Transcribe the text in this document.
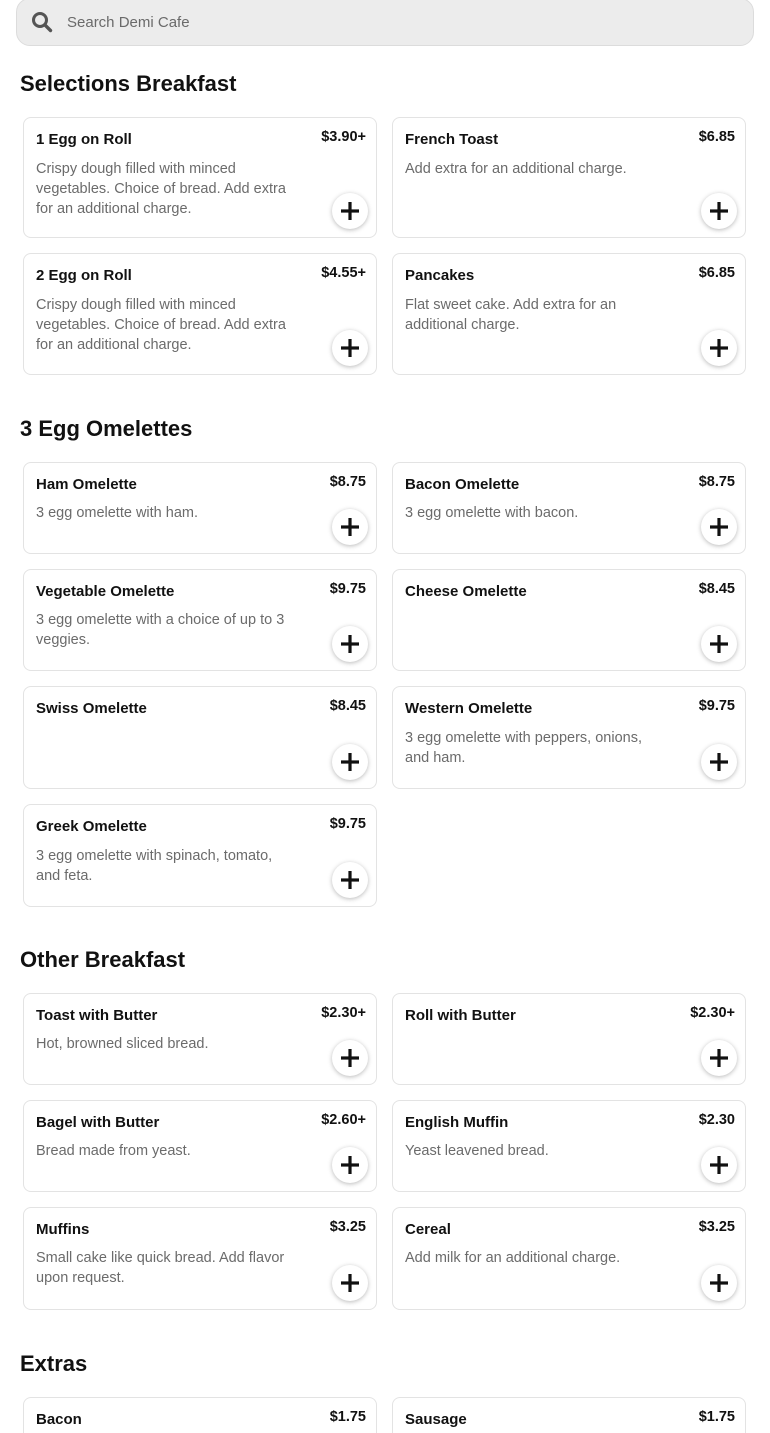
Search Demi Cafe
Selections Breakfast
1 Egg on Roll	$3.90+
Crispy dough filled with minced vegetables. Choice of bread. Add extra for an additional charge.
French Toast	$6.85
Add extra for an additional charge.
2 Egg on Roll	$4.55+
Crispy dough filled with minced vegetables. Choice of bread. Add extra for an additional charge.
Pancakes	$6.85
Flat sweet cake. Add extra for an additional charge.
3 Egg Omelettes
Ham Omelette	$8.75
3 egg omelette with ham.
Bacon Omelette	$8.75
3 egg omelette with bacon.
Vegetable Omelette	$9.75
3 egg omelette with a choice of up to 3 veggies.
Cheese Omelette	$8.45
Swiss Omelette	$8.45	Western Omelette	$9.75
3 egg omelette with peppers, onions, and ham.
Greek Omelette	$9.75
3 egg omelette with spinach, tomato, and feta.
Other Breakfast
Toast with Butter	$2.30+
Hot, browned sliced bread.
Roll with Butter	$2.30+
Bagel with Butter	$2.60+
Bread made from yeast.
English Muffin	$2.30
Yeast leavened bread.
Muffins	$3.25
Small cake like quick bread. Add flavor upon request.
Cereal	$3.25
Add milk for an additional charge.
Extras
Bacon	$1.75	Sausage	$1.75
